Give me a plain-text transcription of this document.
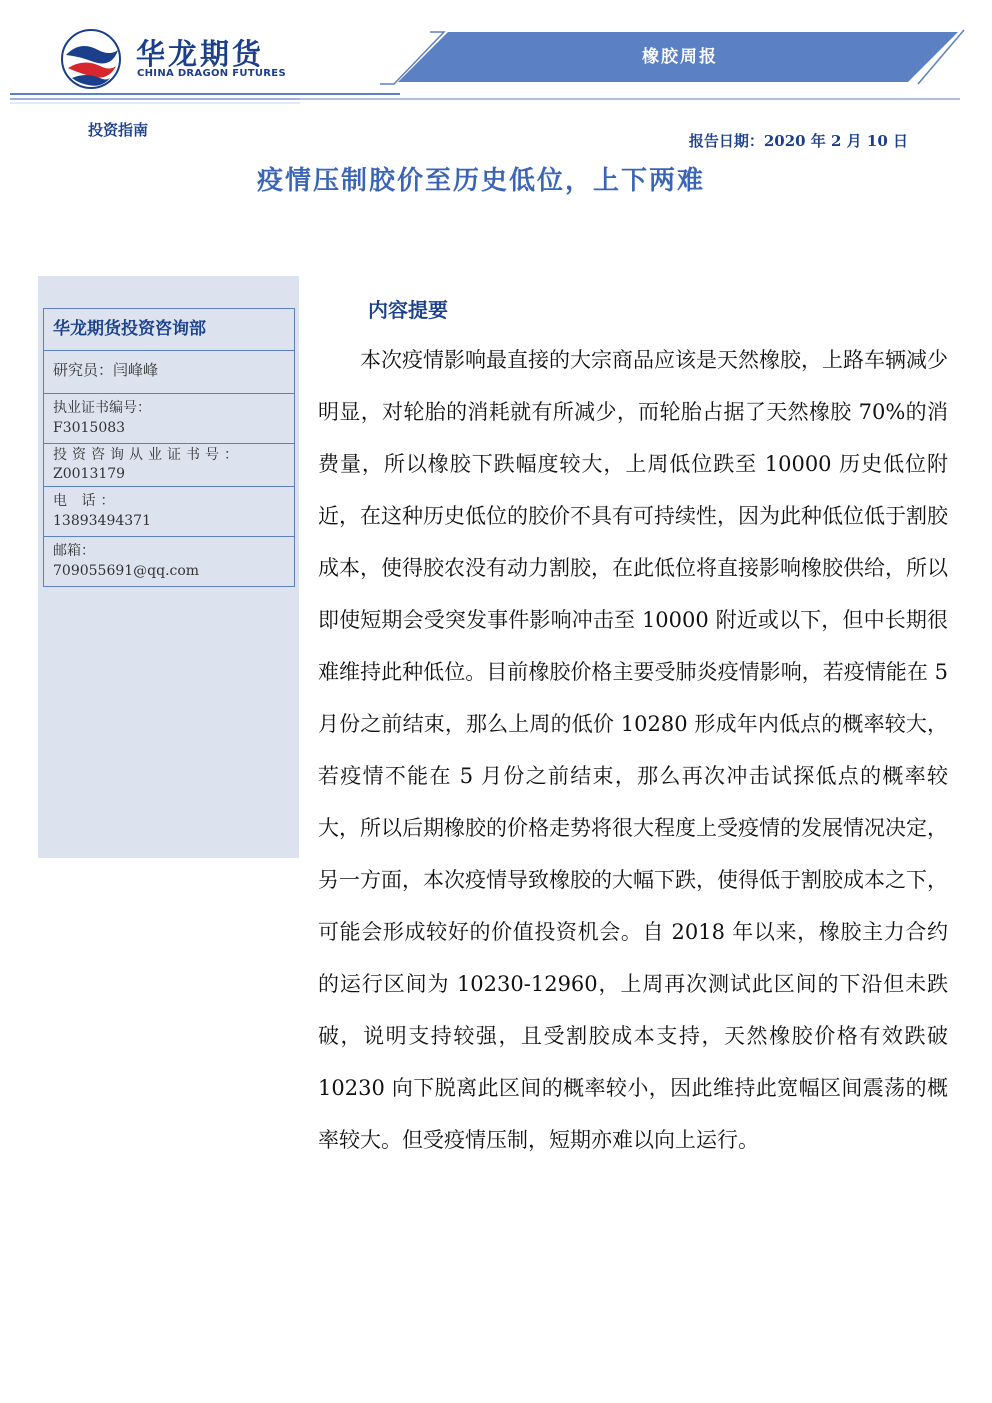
华龙期货
CHINA DRAGON FUTURES
橡胶周报
投资指南
报告日期：2020 年 2 月 10 日
疫情压制胶价至历史低位，上下两难
华龙期货投资咨询部
研究员：闫峰峰
执业证书编号：
F3015083
投资咨询从业证书号：
Z0013179
电 话：
13893494371
邮箱：
709055691@qq.com
内容提要

本次疫情影响最直接的大宗商品应该是天然橡胶，上路车辆减少明显，对轮胎的消耗就有所减少，而轮胎占据了天然橡胶 70%的消费量，所以橡胶下跌幅度较大，上周低位跌至 10000 历史低位附近，在这种历史低位的胶价不具有可持续性，因为此种低位低于割胶成本，使得胶农没有动力割胶，在此低位将直接影响橡胶供给，所以即使短期会受突发事件影响冲击至 10000 附近或以下，但中长期很难维持此种低位。目前橡胶价格主要受肺炎疫情影响，若疫情能在 5 月份之前结束，那么上周的低价 10280 形成年内低点的概率较大，若疫情不能在 5 月份之前结束，那么再次冲击试探低点的概率较大，所以后期橡胶的价格走势将很大程度上受疫情的发展情况决定，另一方面，本次疫情导致橡胶的大幅下跌，使得低于割胶成本之下，可能会形成较好的价值投资机会。自 2018 年以来，橡胶主力合约的运行区间为 10230-12960，上周再次测试此区间的下沿但未跌破，说明支持较强，且受割胶成本支持，天然橡胶价格有效跌破 10230 向下脱离此区间的概率较小，因此维持此宽幅区间震荡的概率较大。但受疫情压制，短期亦难以向上运行。
